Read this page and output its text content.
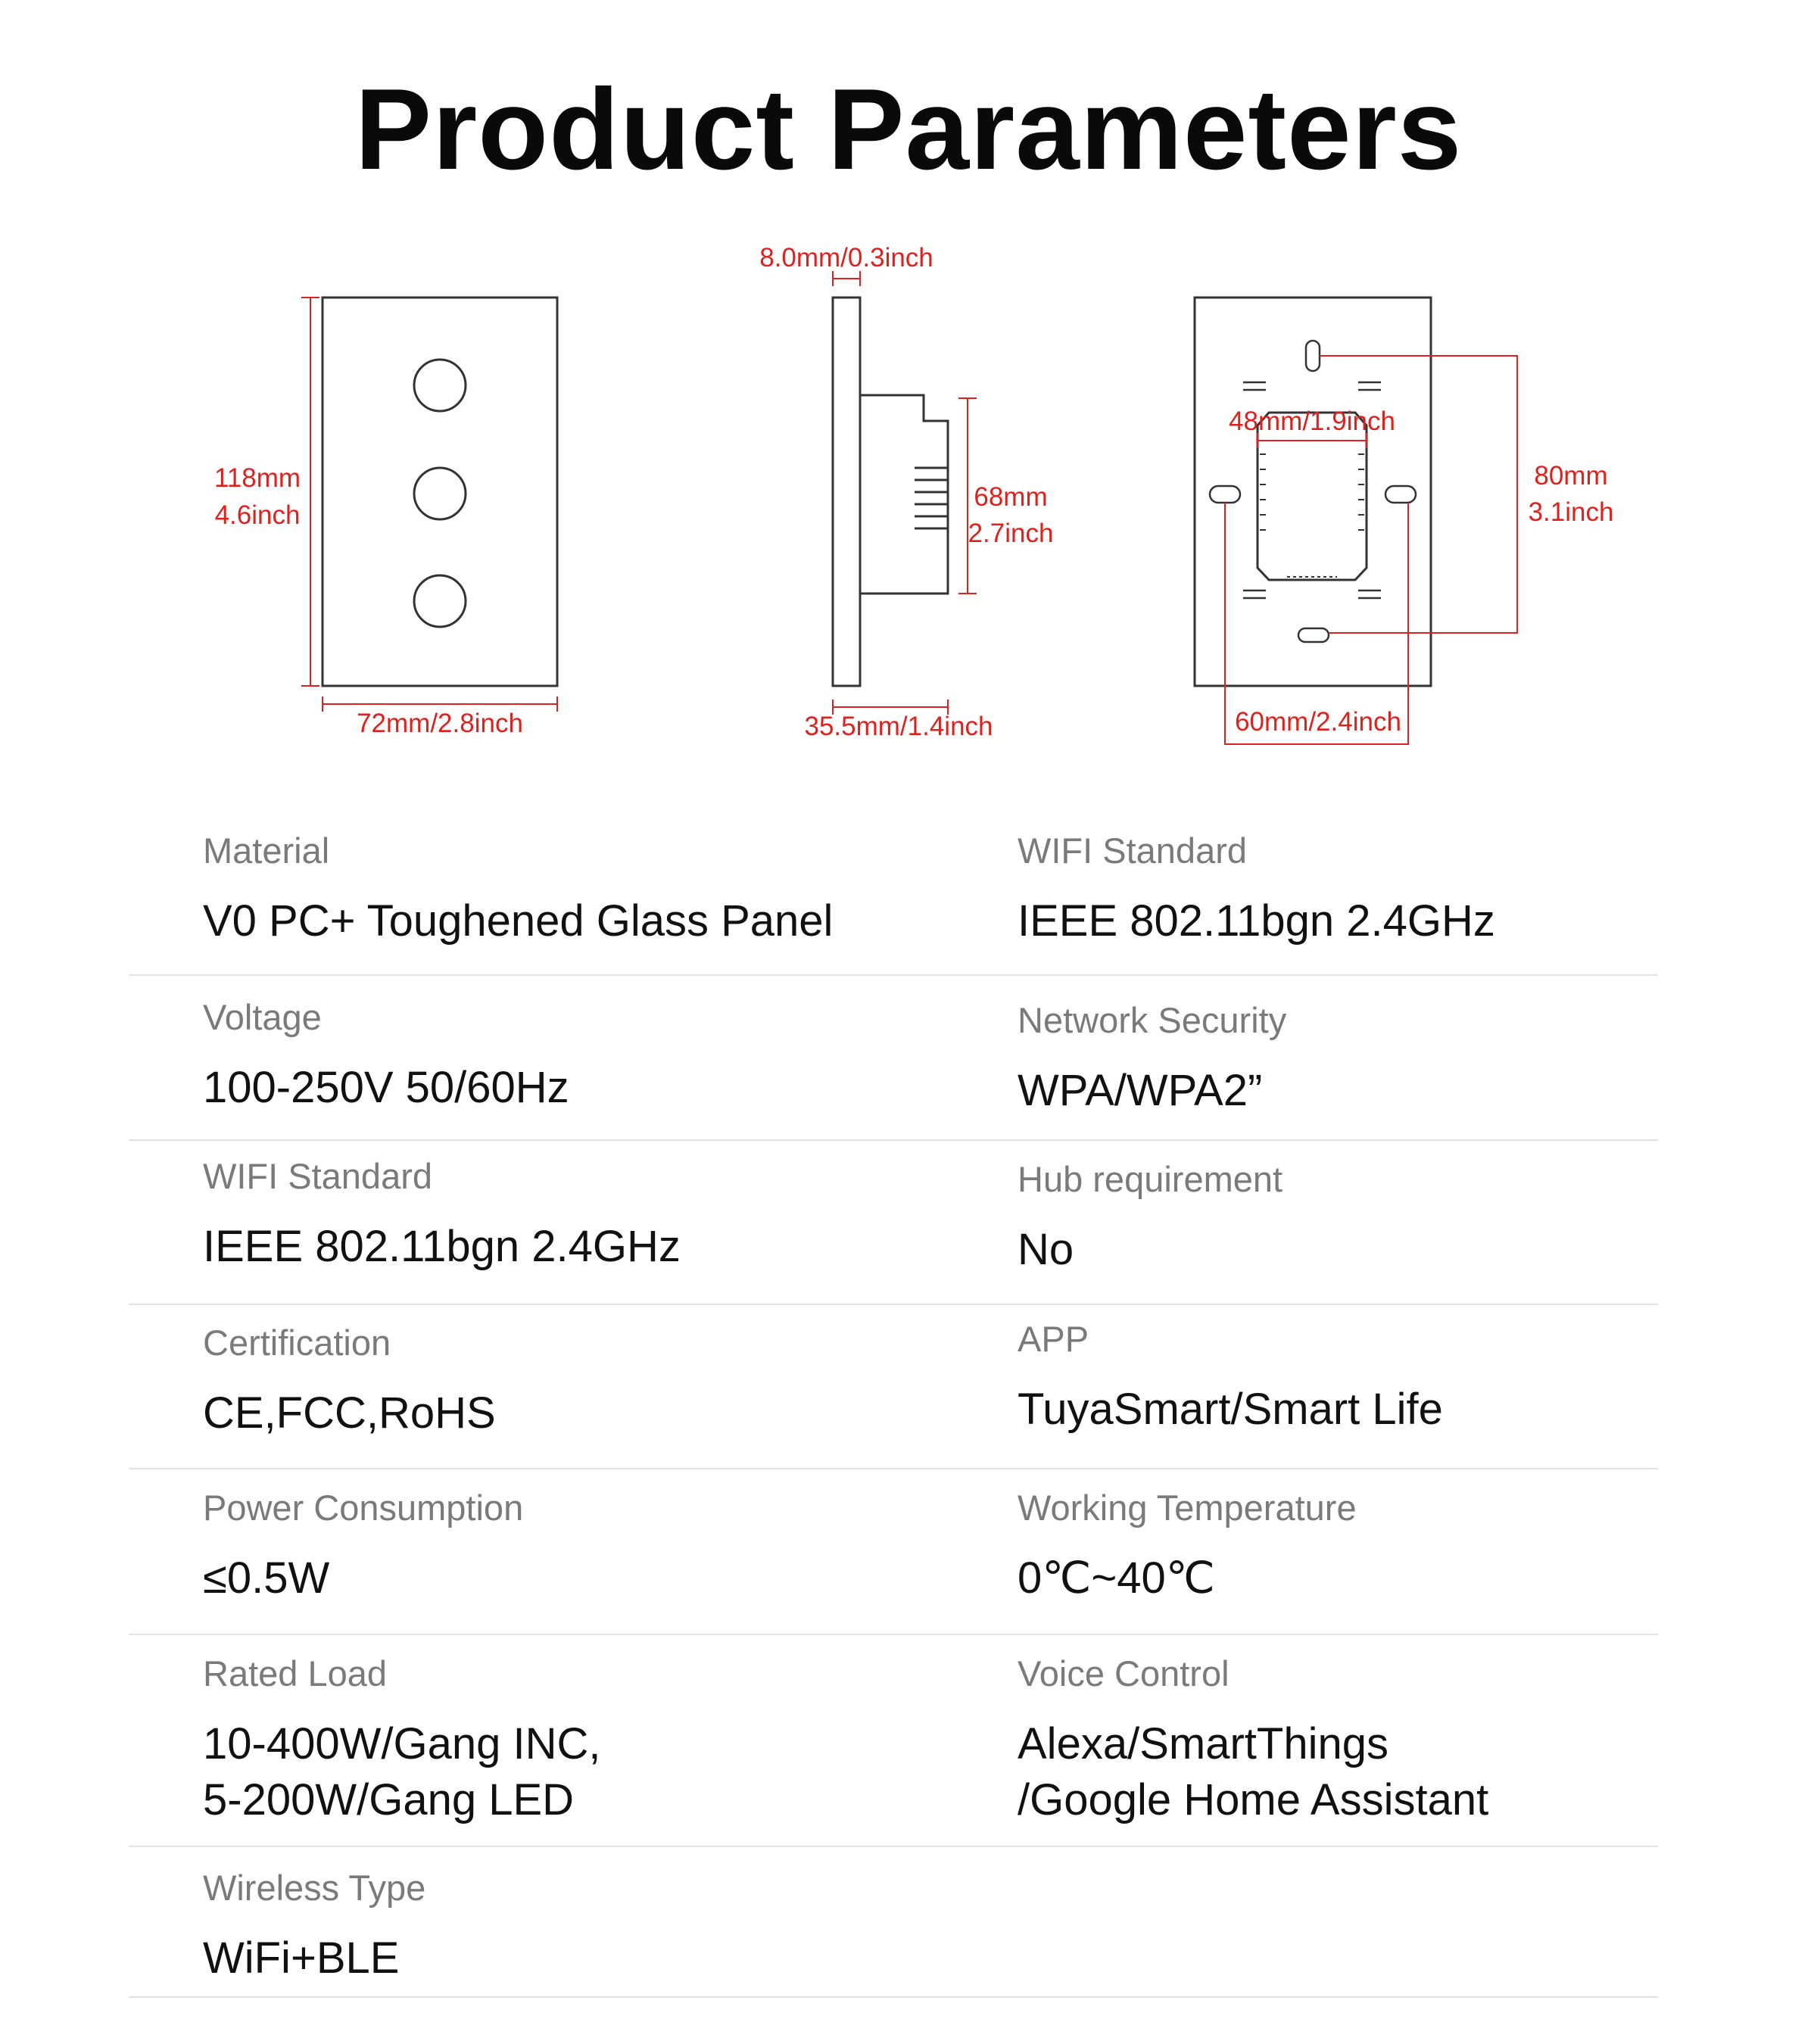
Product Parameters
118mm
4.6inch
72mm/2.8inch
8.0mm/0.3inch
68mm
2.7inch
35.5mm/1.4inch
48mm/1.9inch
80mm
3.1inch
60mm/2.4inch
Material
V0 PC+ Toughened Glass Panel
WIFI Standard
IEEE 802.11bgn 2.4GHz
Voltage
100-250V 50/60Hz
Network Security
WPA/WPA2”
WIFI Standard
IEEE 802.11bgn 2.4GHz
Hub requirement
No
Certification
CE,FCC,RoHS
APP
TuyaSmart/Smart Life
Power Consumption
≤0.5W
Working Temperature
0℃~40℃
Rated Load
10-400W/Gang INC,
5-200W/Gang LED
Voice Control
Alexa/SmartThings
/Google Home Assistant
Wireless Type
WiFi+BLE
